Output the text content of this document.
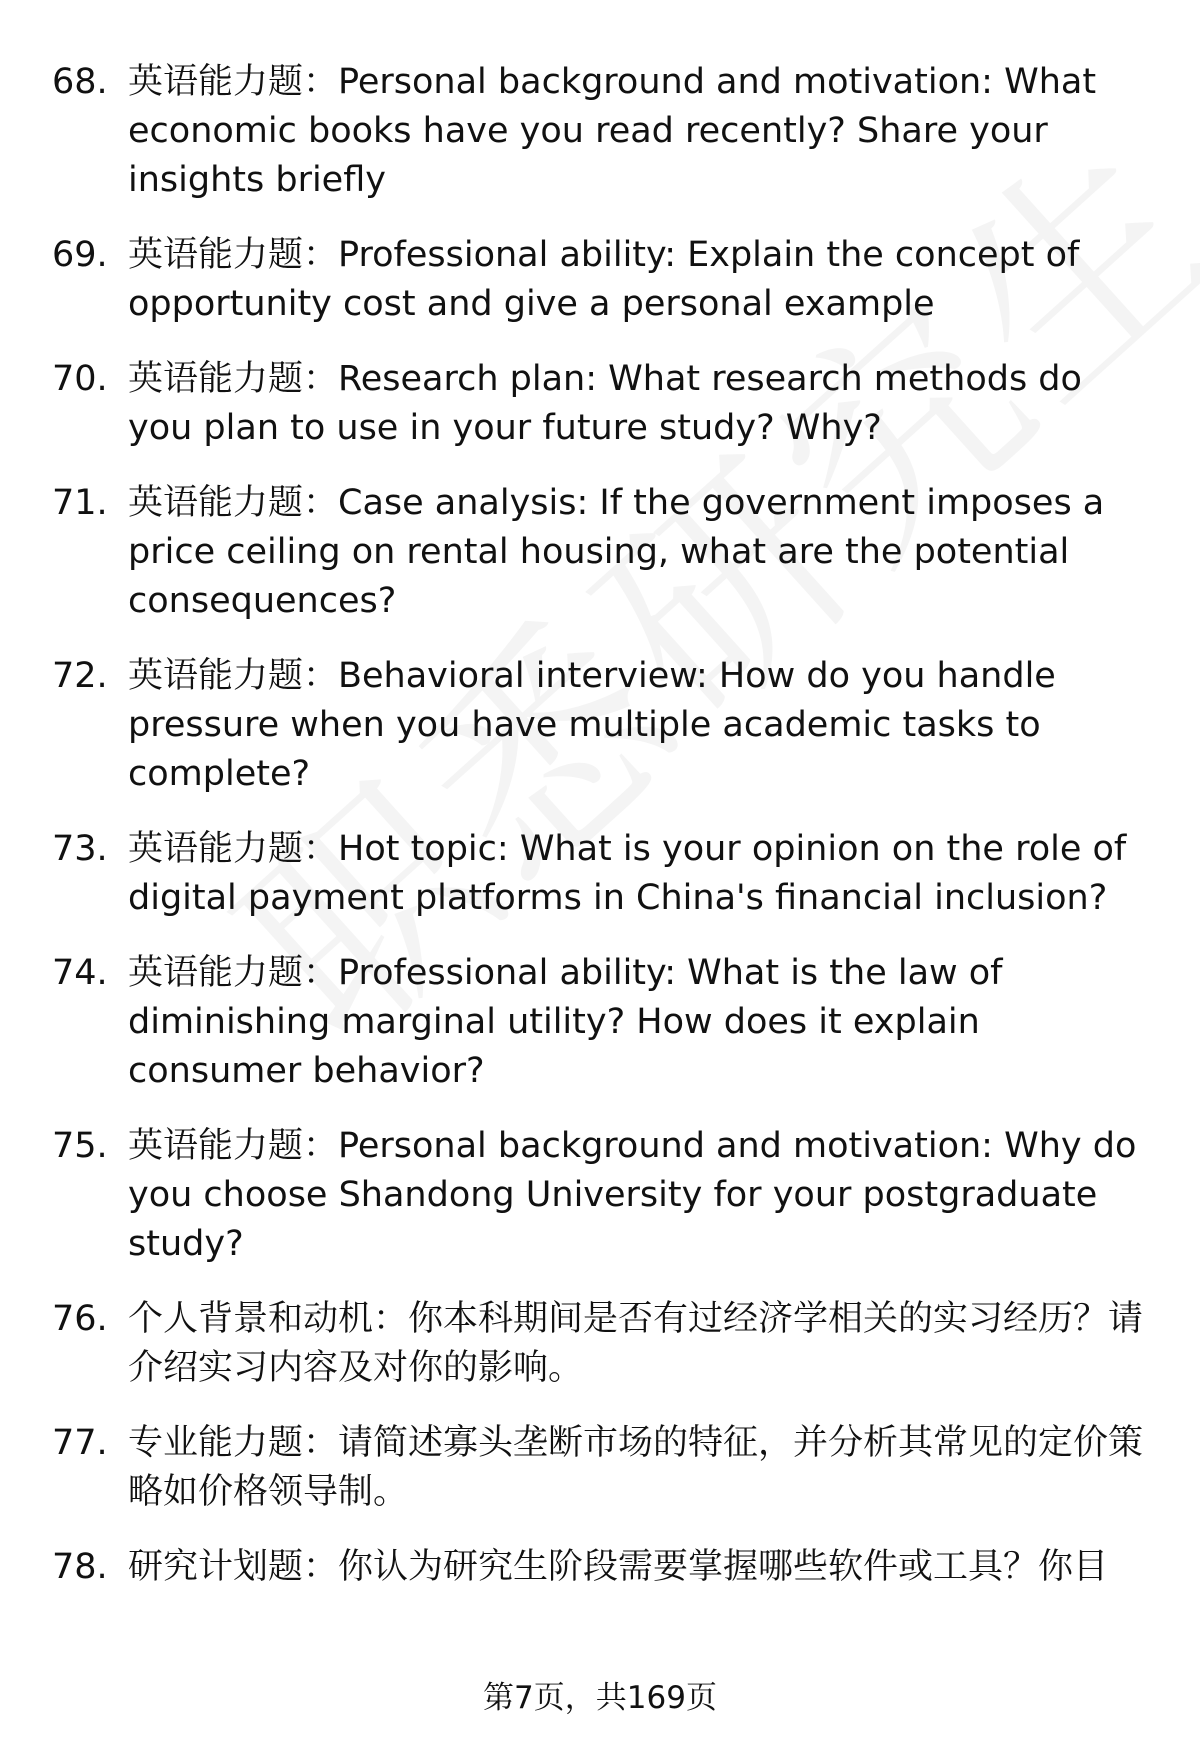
68. 英语能力题：Personal background and motivation: What economic books have you read recently? Share your insights briefly
69. 英语能力题：Professional ability: Explain the concept of opportunity cost and give a personal example
70. 英语能力题：Research plan: What research methods do you plan to use in your future study? Why?
71. 英语能力题：Case analysis: If the government imposes a price ceiling on rental housing, what are the potential consequences?
72. 英语能力题：Behavioral interview: How do you handle pressure when you have multiple academic tasks to complete?
73. 英语能力题：Hot topic: What is your opinion on the role of digital payment platforms in China's financial inclusion?
74. 英语能力题：Professional ability: What is the law of diminishing marginal utility? How does it explain consumer behavior?
75. 英语能力题：Personal background and motivation: Why do you choose Shandong University for your postgraduate study?
76. 个人背景和动机：你本科期间是否有过经济学相关的实习经历？请介绍实习内容及对你的影响。
77. 专业能力题：请简述寡头垄断市场的特征，并分析其常见的定价策略如价格领导制。
78. 研究计划题：你认为研究生阶段需要掌握哪些软件或工具？你目
第7页，共169页
